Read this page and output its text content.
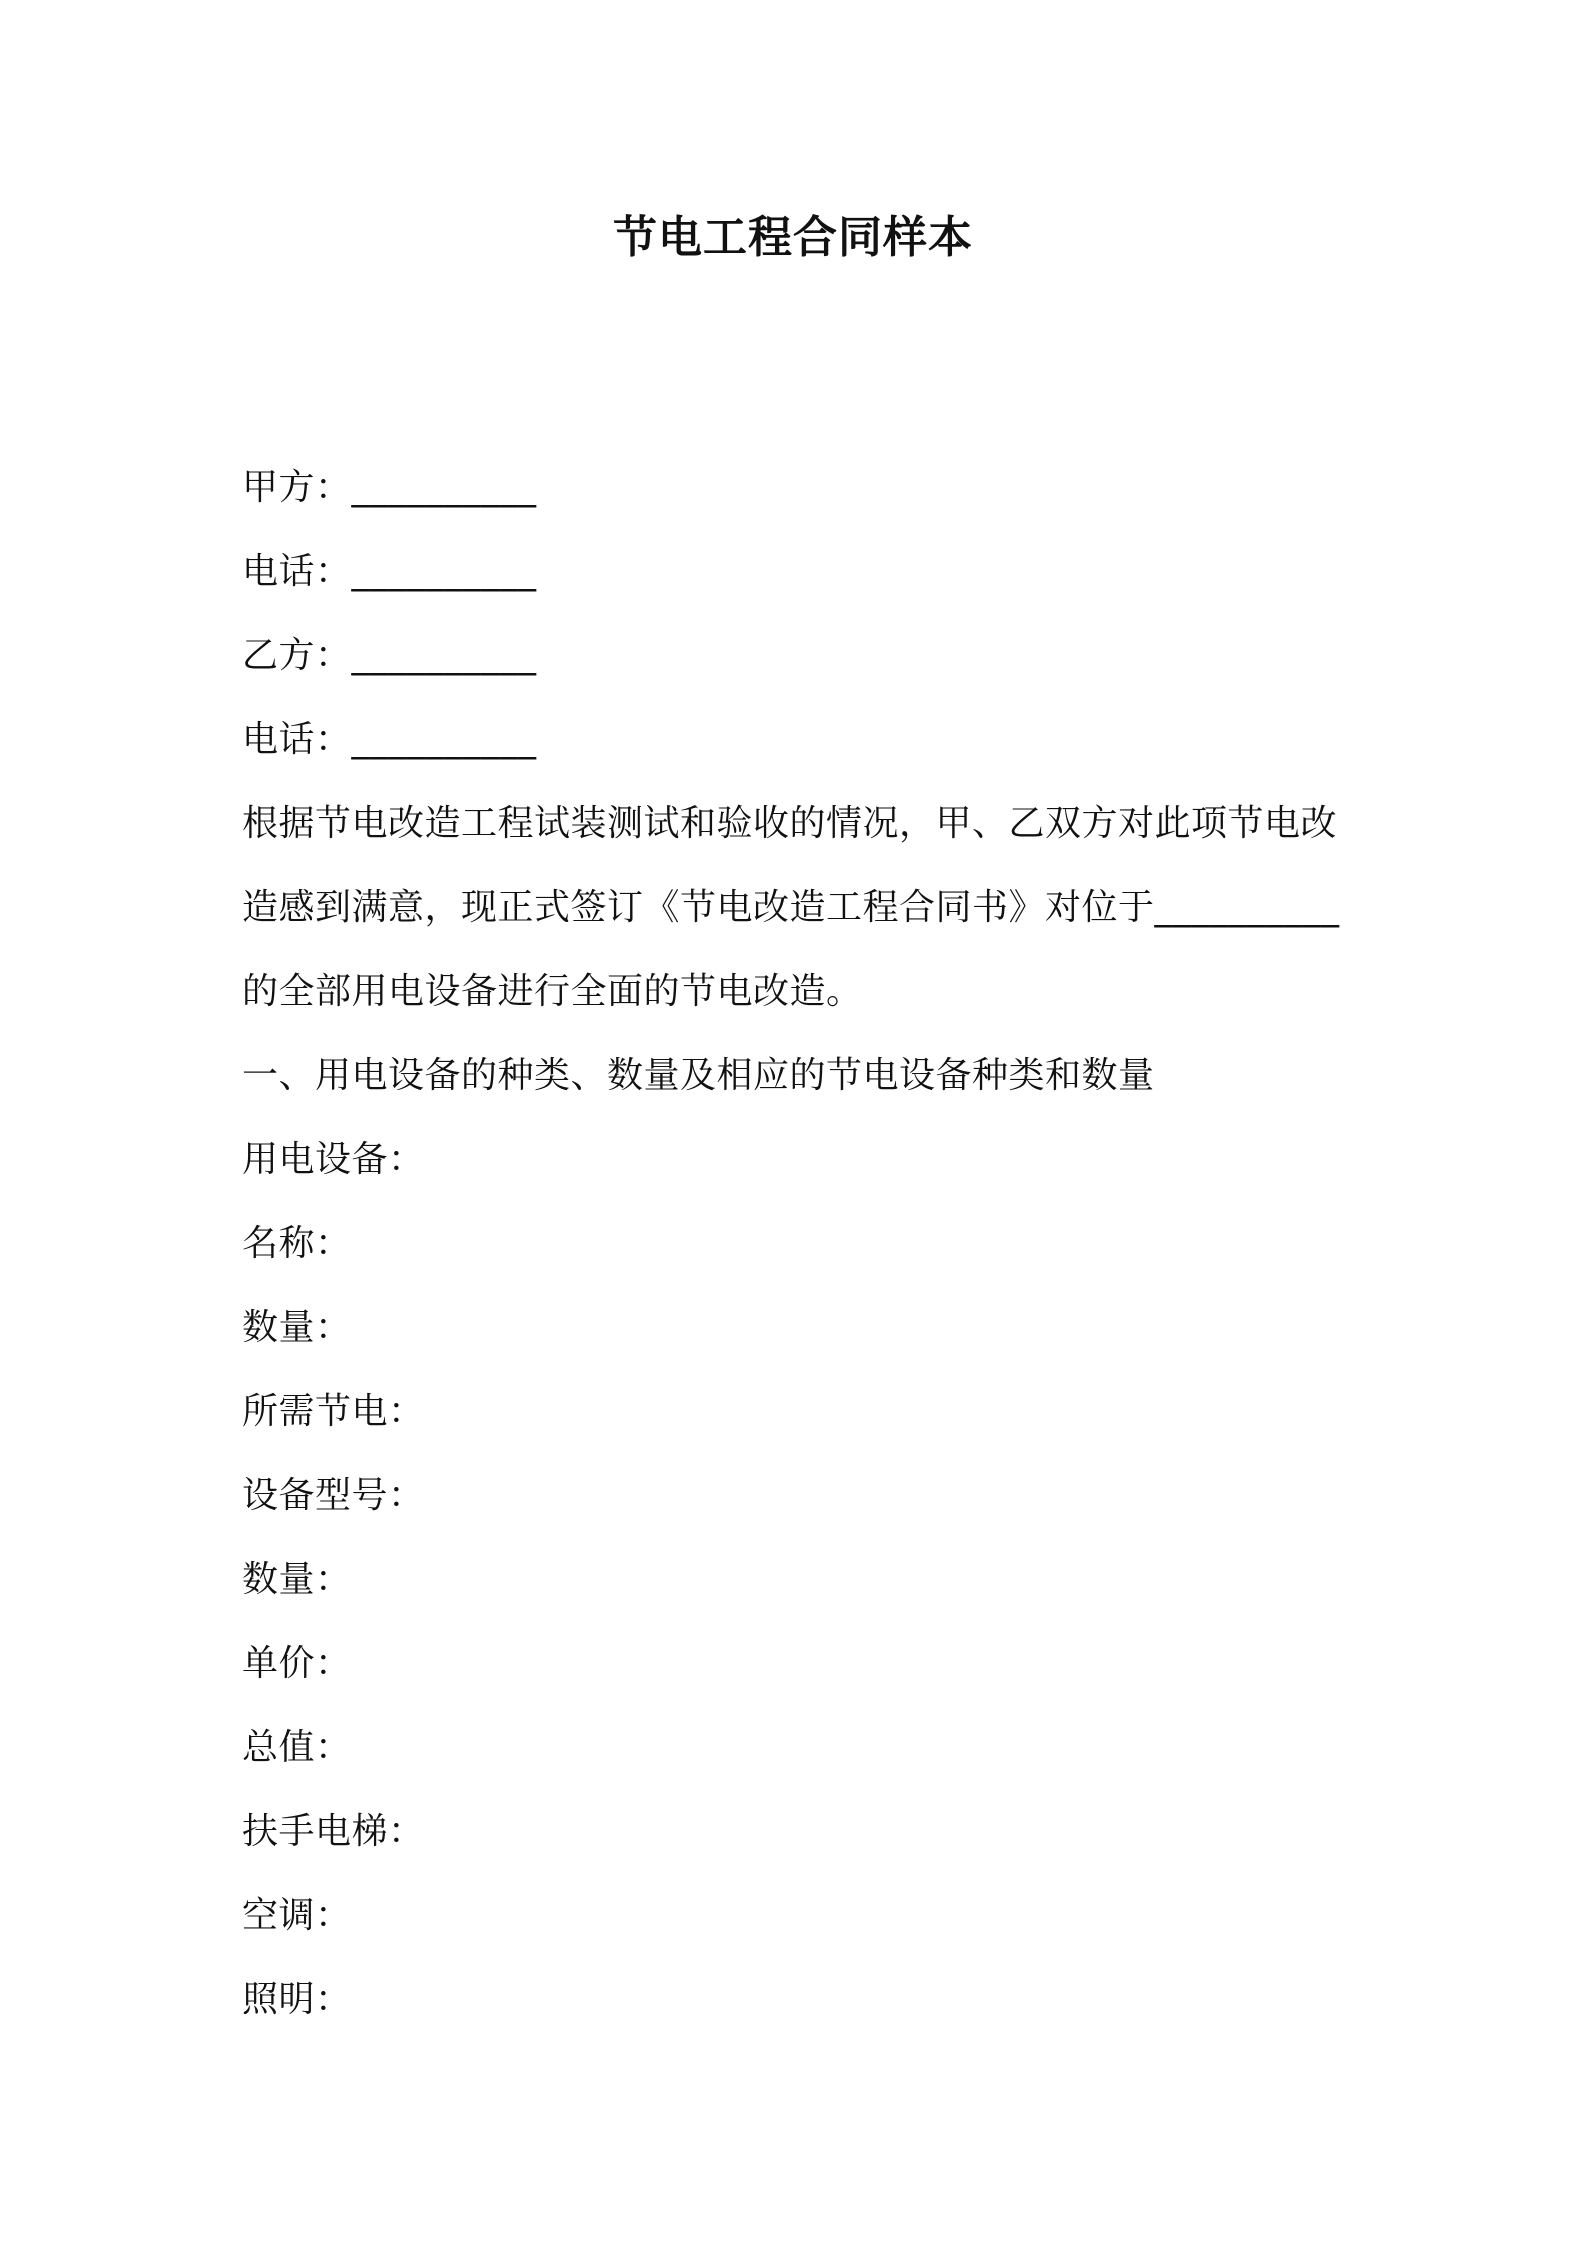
节电工程合同样本
甲方：__________
电话：__________
乙方：__________
电话：__________
根据节电改造工程试装测试和验收的情况，甲、乙双方对此项节电改
造感到满意，现正式签订《节电改造工程合同书》对位于__________
的全部用电设备进行全面的节电改造。
一、用电设备的种类、数量及相应的节电设备种类和数量
用电设备：
名称：
数量：
所需节电：
设备型号：
数量：
单价：
总值：
扶手电梯：
空调：
照明：
